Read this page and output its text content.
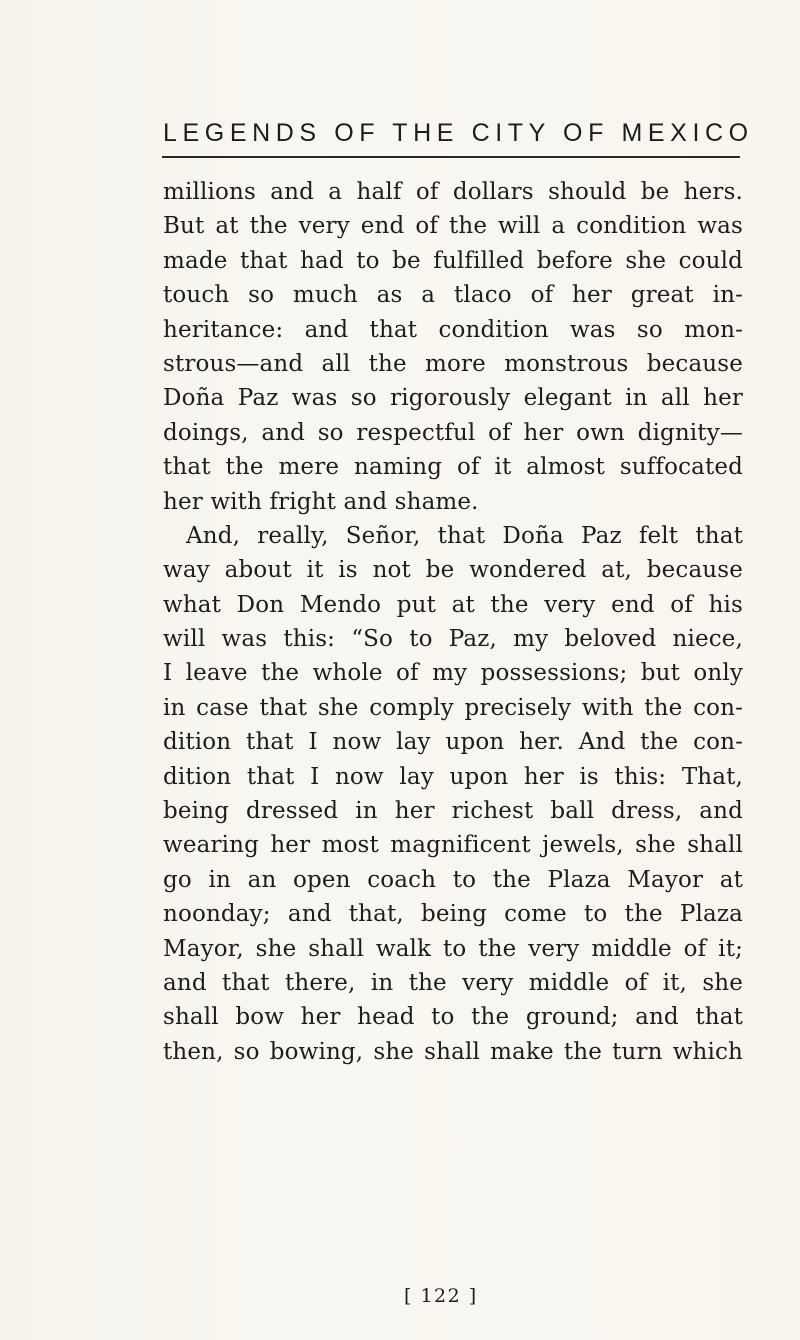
LEGENDS OF THE CITY OF MEXICO
millions and a half of dollars should be hers.
But at the very end of the will a condition was
made that had to be fulfilled before she could
touch so much as a tlaco of her great in-
heritance: and that condition was so mon-
strous—and all the more monstrous because
Doña Paz was so rigorously elegant in all her
doings, and so respectful of her own dignity—
that the mere naming of it almost suffocated
her with fright and shame.
And, really, Señor, that Doña Paz felt that
way about it is not be wondered at, because
what Don Mendo put at the very end of his
will was this: “So to Paz, my beloved niece,
I leave the whole of my possessions; but only
in case that she comply precisely with the con-
dition that I now lay upon her. And the con-
dition that I now lay upon her is this: That,
being dressed in her richest ball dress, and
wearing her most magnificent jewels, she shall
go in an open coach to the Plaza Mayor at
noonday; and that, being come to the Plaza
Mayor, she shall walk to the very middle of it;
and that there, in the very middle of it, she
shall bow her head to the ground; and that
then, so bowing, she shall make the turn which
[ 122 ]
